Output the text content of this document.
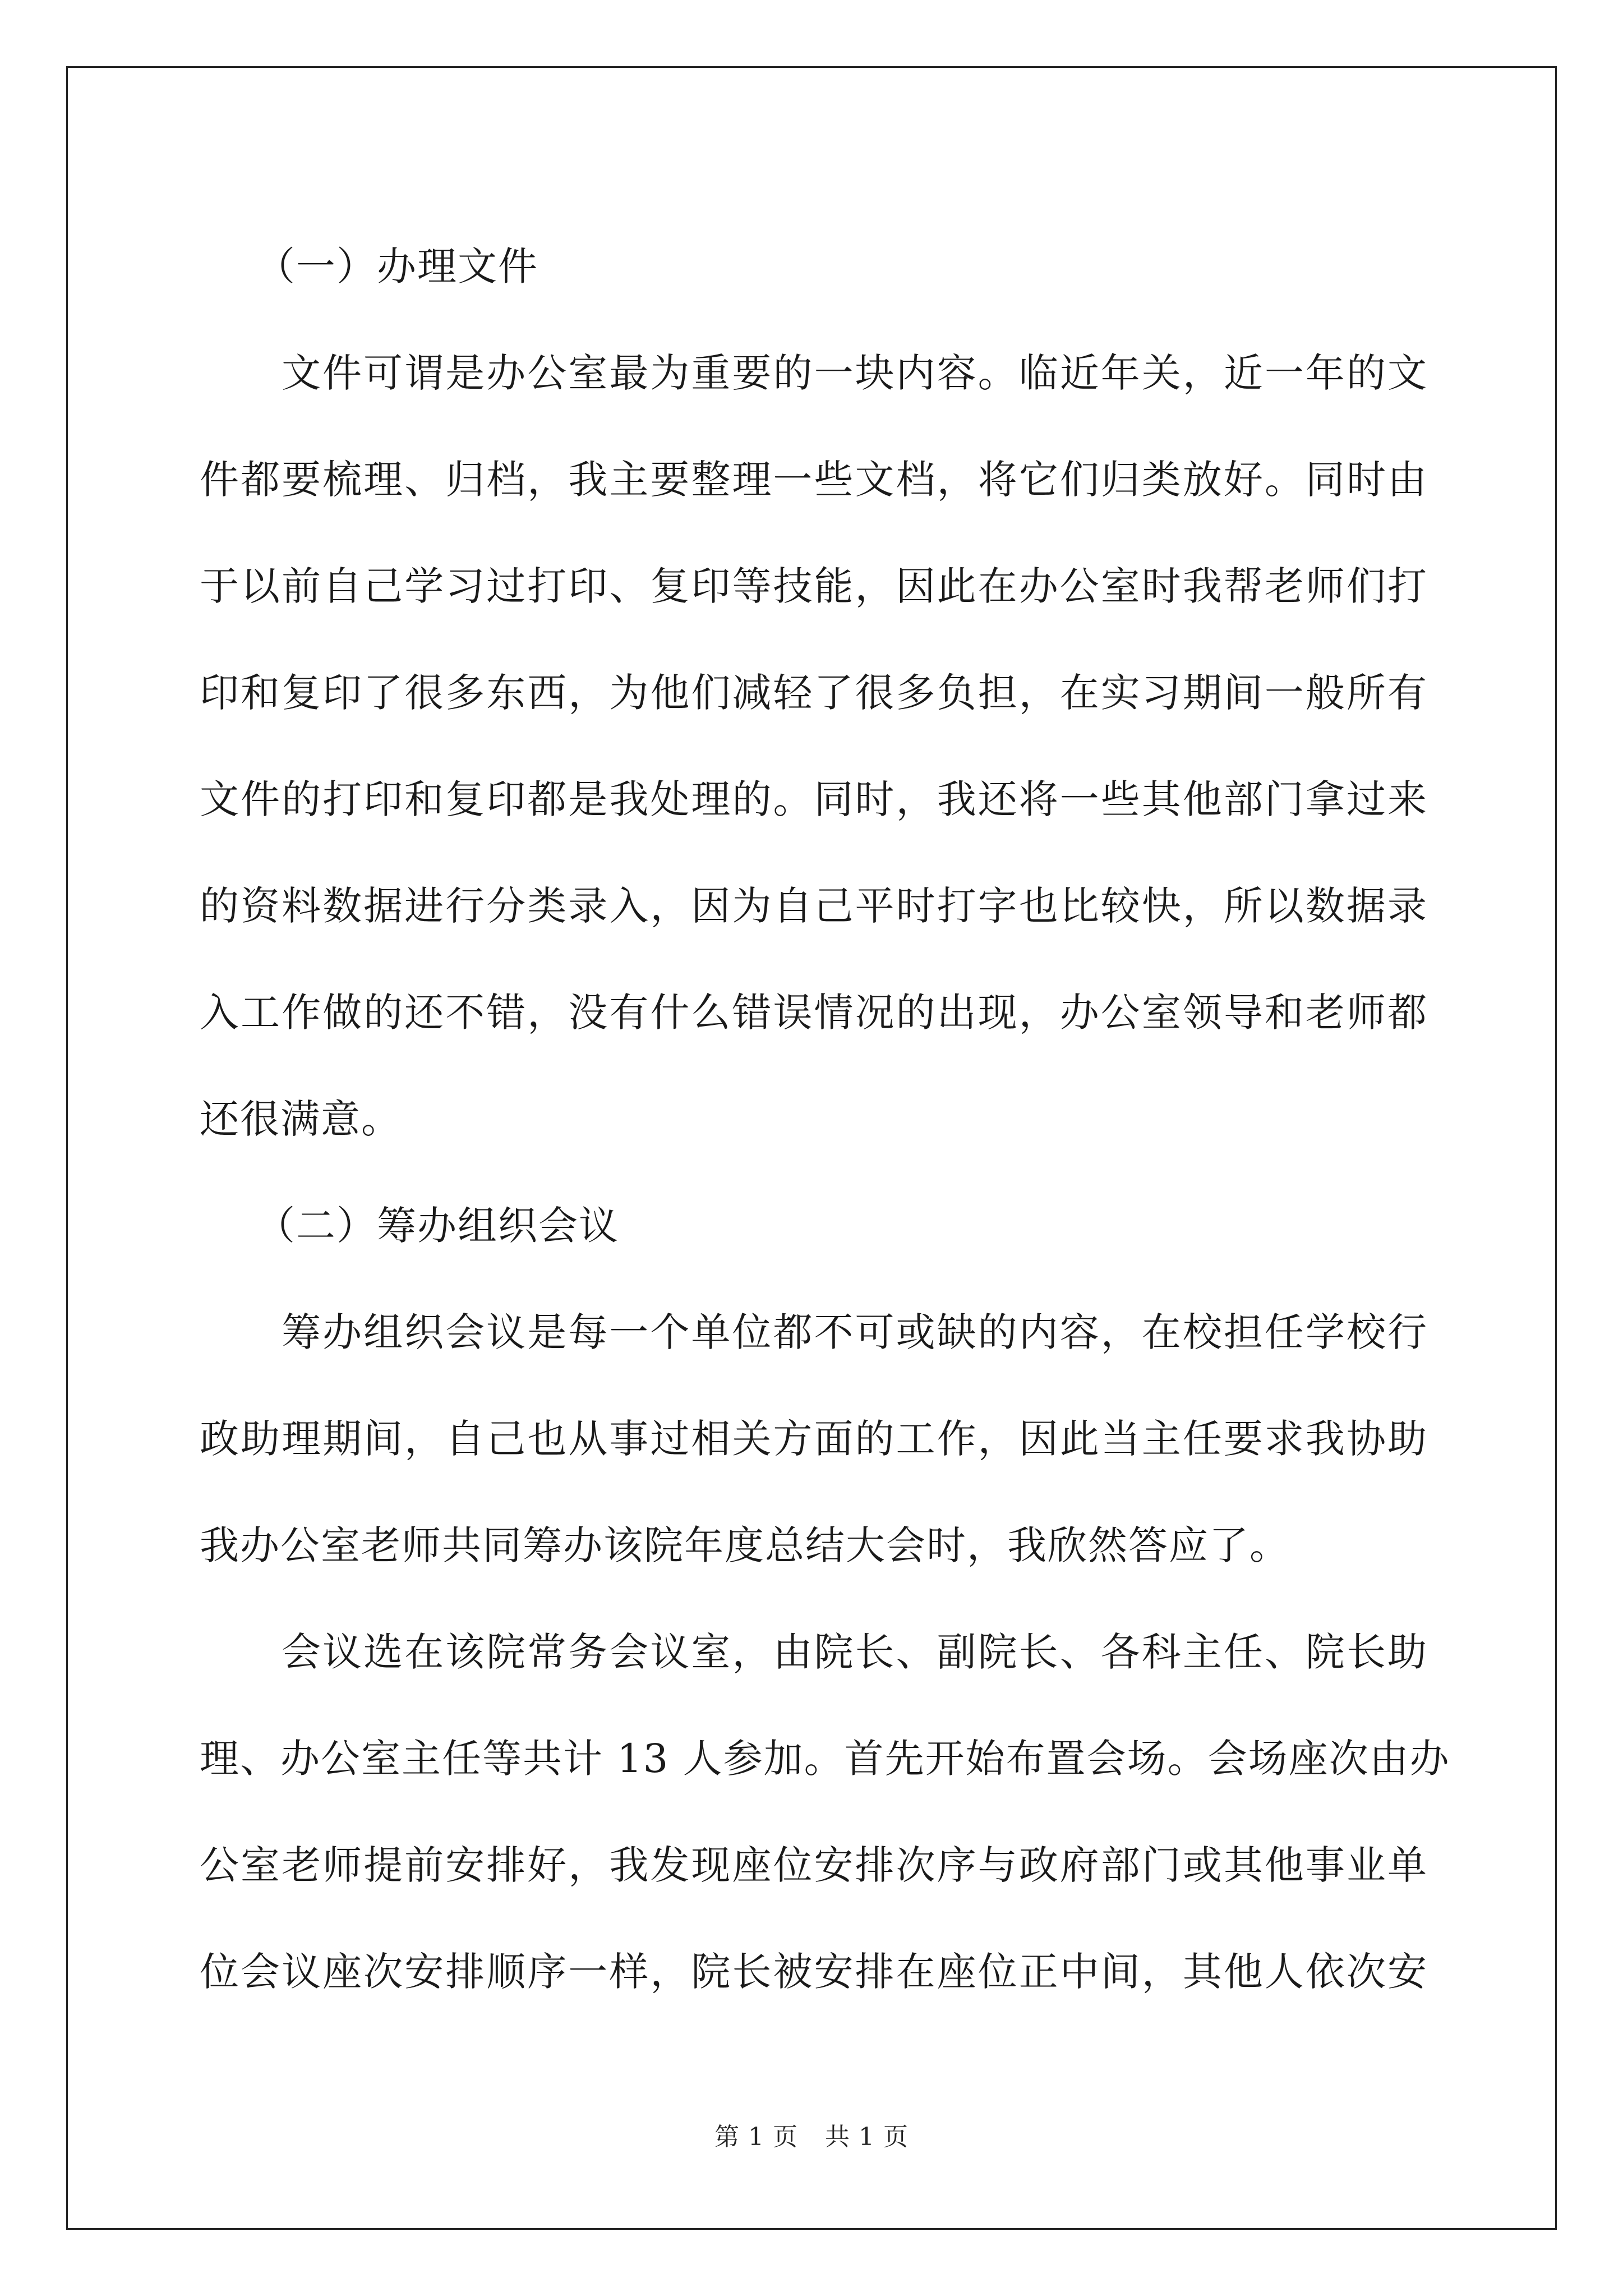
（一）办理文件

文件可谓是办公室最为重要的一块内容。临近年关，近一年的文
件都要梳理、归档，我主要整理一些文档，将它们归类放好。同时由
于以前自己学习过打印、复印等技能，因此在办公室时我帮老师们打
印和复印了很多东西，为他们减轻了很多负担，在实习期间一般所有
文件的打印和复印都是我处理的。同时，我还将一些其他部门拿过来
的资料数据进行分类录入，因为自己平时打字也比较快，所以数据录
入工作做的还不错，没有什么错误情况的出现，办公室领导和老师都
还很满意。

（二）筹办组织会议

筹办组织会议是每一个单位都不可或缺的内容，在校担任学校行
政助理期间，自己也从事过相关方面的工作，因此当主任要求我协助
我办公室老师共同筹办该院年度总结大会时，我欣然答应了。
会议选在该院常务会议室，由院长、副院长、各科主任、院长助
理、办公室主任等共计 13 人参加。首先开始布置会场。会场座次由办
公室老师提前安排好，我发现座位安排次序与政府部门或其他事业单
位会议座次安排顺序一样，院长被安排在座位正中间，其他人依次安
第 1 页 共 1 页
